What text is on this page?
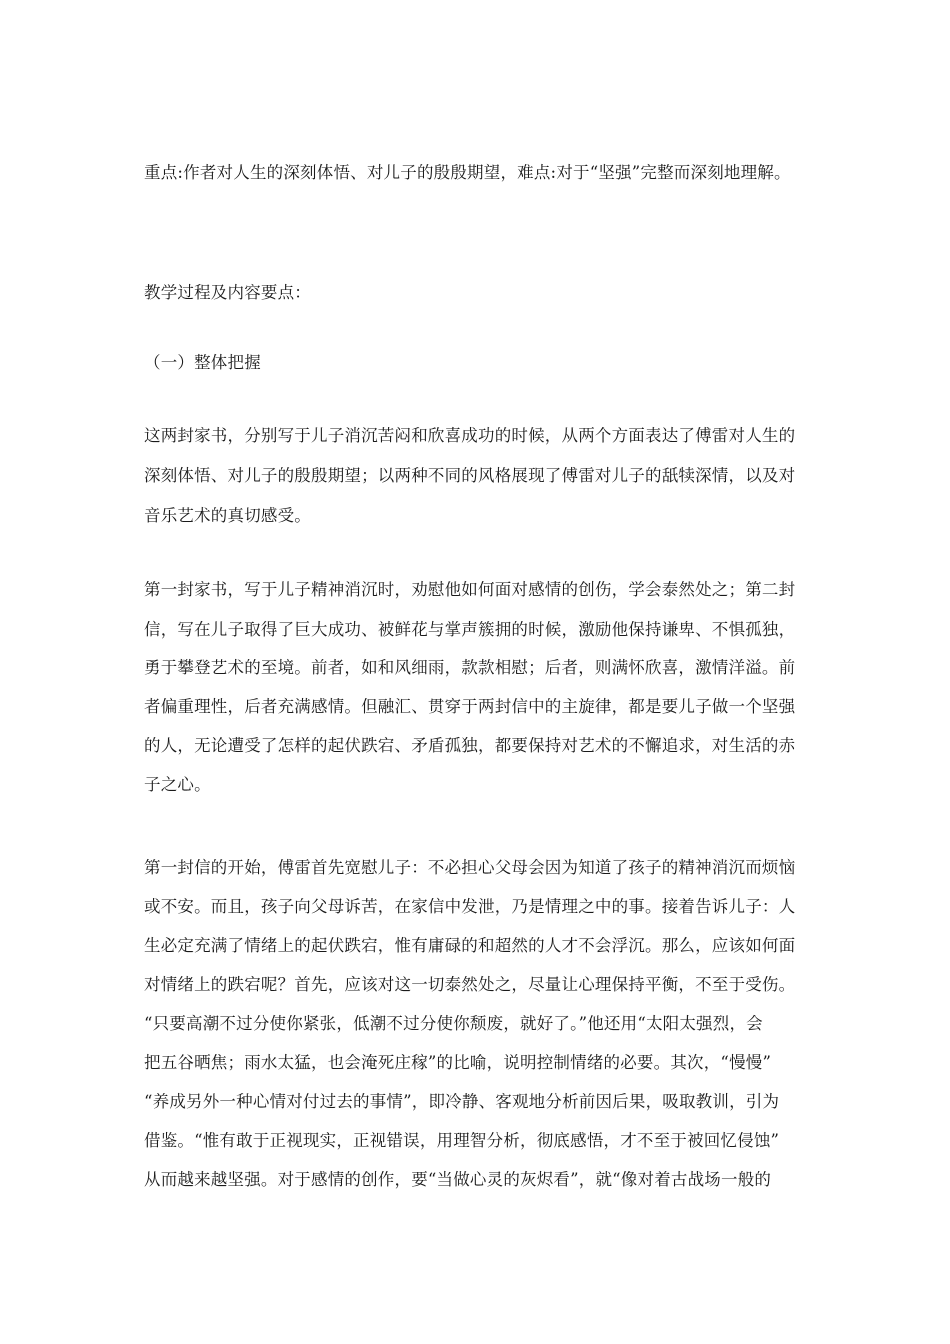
重点:作者对人生的深刻体悟、对儿子的殷殷期望，难点:对于“坚强”完整而深刻地理解。
教学过程及内容要点：
（一）整体把握
这两封家书，分别写于儿子消沉苦闷和欣喜成功的时候，从两个方面表达了傅雷对人生的
深刻体悟、对儿子的殷殷期望；以两种不同的风格展现了傅雷对儿子的舐犊深情，以及对
音乐艺术的真切感受。
第一封家书，写于儿子精神消沉时，劝慰他如何面对感情的创伤，学会泰然处之；第二封
信，写在儿子取得了巨大成功、被鲜花与掌声簇拥的时候，激励他保持谦卑、不惧孤独，
勇于攀登艺术的至境。前者，如和风细雨，款款相慰；后者，则满怀欣喜，激情洋溢。前
者偏重理性，后者充满感情。但融汇、贯穿于两封信中的主旋律，都是要儿子做一个坚强
的人，无论遭受了怎样的起伏跌宕、矛盾孤独，都要保持对艺术的不懈追求，对生活的赤
子之心。
第一封信的开始，傅雷首先宽慰儿子：不必担心父母会因为知道了孩子的精神消沉而烦恼
或不安。而且，孩子向父母诉苦，在家信中发泄，乃是情理之中的事。接着告诉儿子：人
生必定充满了情绪上的起伏跌宕，惟有庸碌的和超然的人才不会浮沉。那么，应该如何面
对情绪上的跌宕呢？首先，应该对这一切泰然处之，尽量让心理保持平衡，不至于受伤。
“只要高潮不过分使你紧张，低潮不过分使你颓废，就好了。”他还用“太阳太强烈，会
把五谷晒焦；雨水太猛，也会淹死庄稼”的比喻，说明控制情绪的必要。其次，“慢慢”
“养成另外一种心情对付过去的事情”，即冷静、客观地分析前因后果，吸取教训，引为
借鉴。“惟有敢于正视现实，正视错误，用理智分析，彻底感悟，才不至于被回忆侵蚀”
从而越来越坚强。对于感情的创作，要“当做心灵的灰烬看”，就“像对着古战场一般的
